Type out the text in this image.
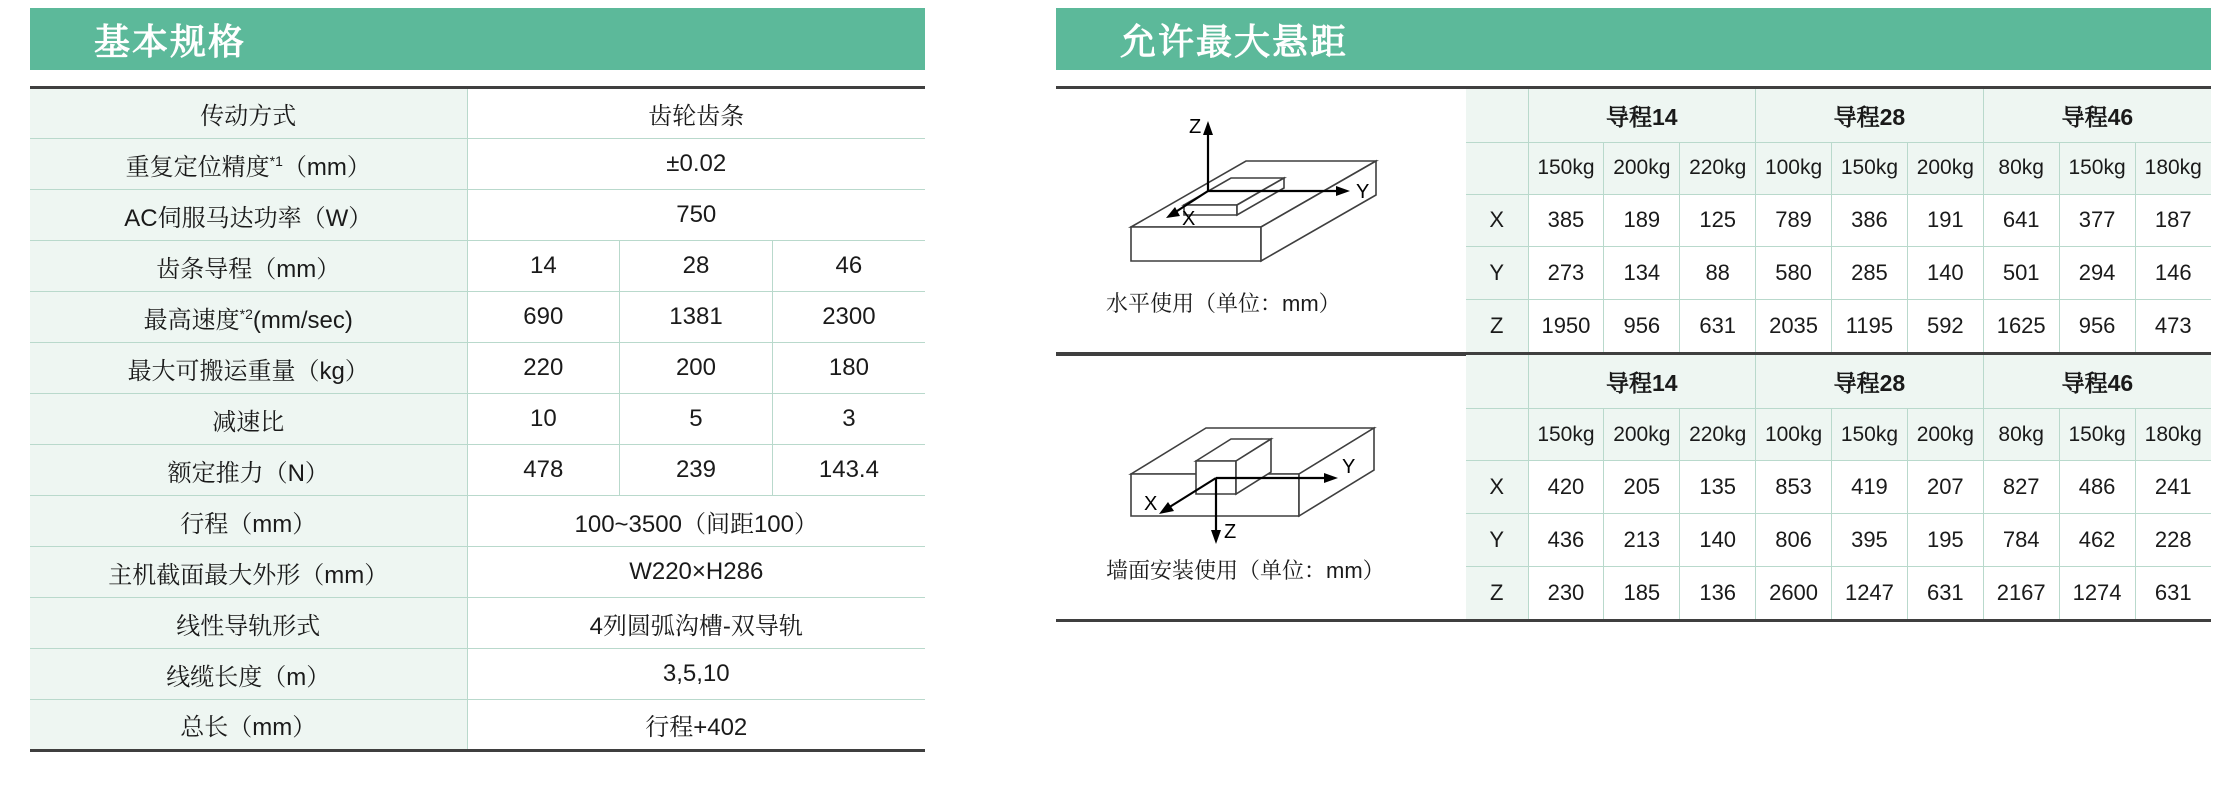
基本规格
传动方式	齿轮齿条		
重复定位精度$^{*1}$（mm）	±0.02		
AC伺服马达功率（W）	750		
齿条导程（mm）	14	28	46
最高速度$^{*2}$(mm/sec)	690	1381	2300
最大可搬运重量（kg）	220	200	180
减速比	10	5	3
额定推力（N）	478	239	143.4
行程（mm）	100~3500（间距100）		
主机截面最大外形（mm）	W220×H286		
线性导轨形式	4列圆弧沟槽-双导轨		
线缆长度（m）	3,5,10		
总长（mm）	行程+402		
允许最大悬距
Z
Y
X
水平使用（单位：mm）
	导程14			导程28			导程46		
	150kg	200kg	220kg	100kg	150kg	200kg	80kg	150kg	180kg
X	385	189	125	789	386	191	641	377	187
Y	273	134	88	580	285	140	501	294	146
Z	1950	956	631	2035	1195	592	1625	956	473
Y
Z
X
墙面安装使用（单位：mm）
	导程14			导程28			导程46		
	150kg	200kg	220kg	100kg	150kg	200kg	80kg	150kg	180kg
X	420	205	135	853	419	207	827	486	241
Y	436	213	140	806	395	195	784	462	228
Z	230	185	136	2600	1247	631	2167	1274	631
